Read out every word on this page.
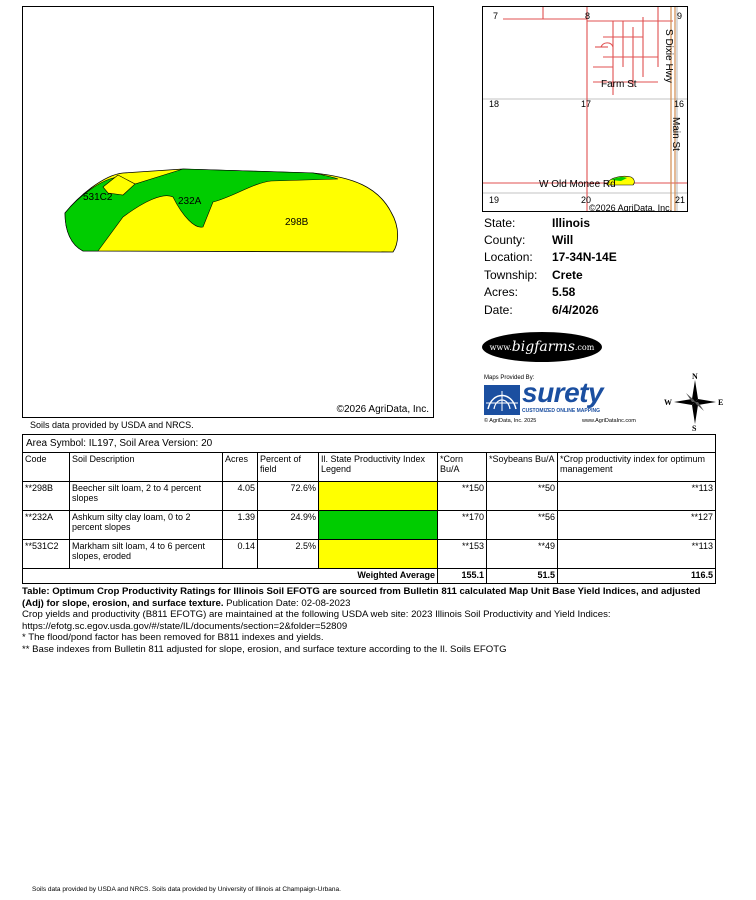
531C2	232A
298B
©2026 AgriData, Inc.
Soils data provided by USDA and NRCS.
7	8	9
18	17	16
19	20	21
S Dixie Hwy
Farm St
Main St
W Old Monee Rd
©2026 AgriData, Inc.
State:	Illinois
County:	Will
Location:	17-34N-14E
Township:	Crete
Acres:	5.58
Date:	6/4/2026
www. bigfarms .com
Maps Provided By:
surety
CUSTOMIZED ONLINE MAPPING
© AgriData, Inc. 2025	www.AgriDataInc.com
N
S
W	E
Area Symbol: IL197, Soil Area Version: 20							
Code	Soil Description	Acres	Percent of field	Il. State Productivity Index Legend	*Corn Bu/A	*Soybeans Bu/A	*Crop productivity index for optimum management
**298B	Beecher silt loam, 2 to 4 percent slopes	4.05	72.6%		**150	**50	**113
**232A	Ashkum silty clay loam, 0 to 2 percent slopes	1.39	24.9%		**170	**56	**127
**531C2	Markham silt loam, 4 to 6 percent slopes, eroded	0.14	2.5%		**153	**49	**113
Weighted Average					155.1	51.5	116.5
Table: Optimum Crop Productivity Ratings for Illinois Soil EFOTG are sourced from Bulletin 811 calculated Map Unit Base Yield Indices, and adjusted (Adj) for slope, erosion, and surface texture. Publication Date: 02-08-2023
Crop yields and productivity (B811 EFOTG) are maintained at the following USDA web site: 2023 Illinois Soil Productivity and Yield Indices:
https://efotg.sc.egov.usda.gov/#/state/IL/documents/section=2&folder=52809
* The flood/pond factor has been removed for B811 indexes and yields.
** Base indexes from Bulletin 811 adjusted for slope, erosion, and surface texture according to the Il. Soils EFOTG
Soils data provided by USDA and NRCS. Soils data provided by University of Illinois at Champaign-Urbana.
